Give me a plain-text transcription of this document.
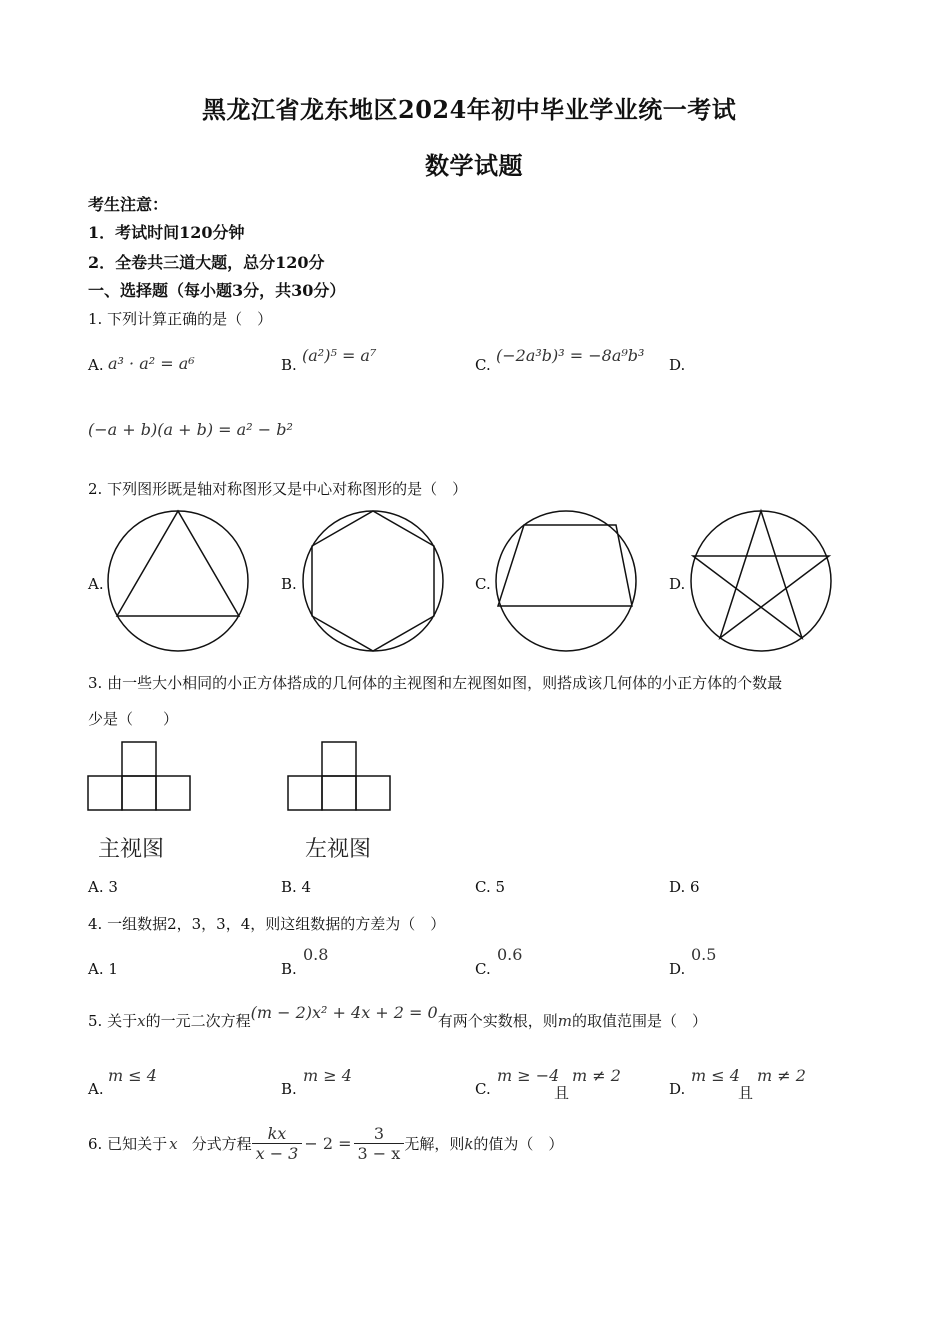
黑龙江省龙东地区2024年初中毕业学业统一考试
数学试题
考生注意：
1．考试时间120分钟
2．全卷共三道大题，总分120分
一、选择题（每小题3分，共30分）
1. 下列计算正确的是（　）
A. a³ · a² = a⁶	B. (a²)⁵ = a⁷	C. (−2a³b)³ = −8a⁹b³ D.
(−a + b)(a + b) = a² − b²
2. 下列图形既是轴对称图形又是中心对称图形的是（　）
A.	B.	C.	D.
3. 由一些大小相同的小正方体搭成的几何体的主视图和左视图如图，则搭成该几何体的小正方体的个数最
少是（　　）
主视图	左视图
A. 3	B. 4	C. 5	D. 6
4. 一组数据2，3，3，4，则这组数据的方差为（　）
A. 1	B.
0.8
C.
0.6
D.
0.5
5. 关于x的一元二次方程(m − 2)x² + 4x + 2 = 0有两个实数根，则m的取值范围是（　）
A.
m ≤ 4
B.
m ≥ 4
C.
m ≥ −4
且
m ≠ 2
D.
m ≤ 4
且
m ≠ 2
6. 已知关于 x 分式方程 $\frac{kx}{x - 3} - 2 = \frac{3}{3 - x}$ 无解，则 k 的值为（　）
